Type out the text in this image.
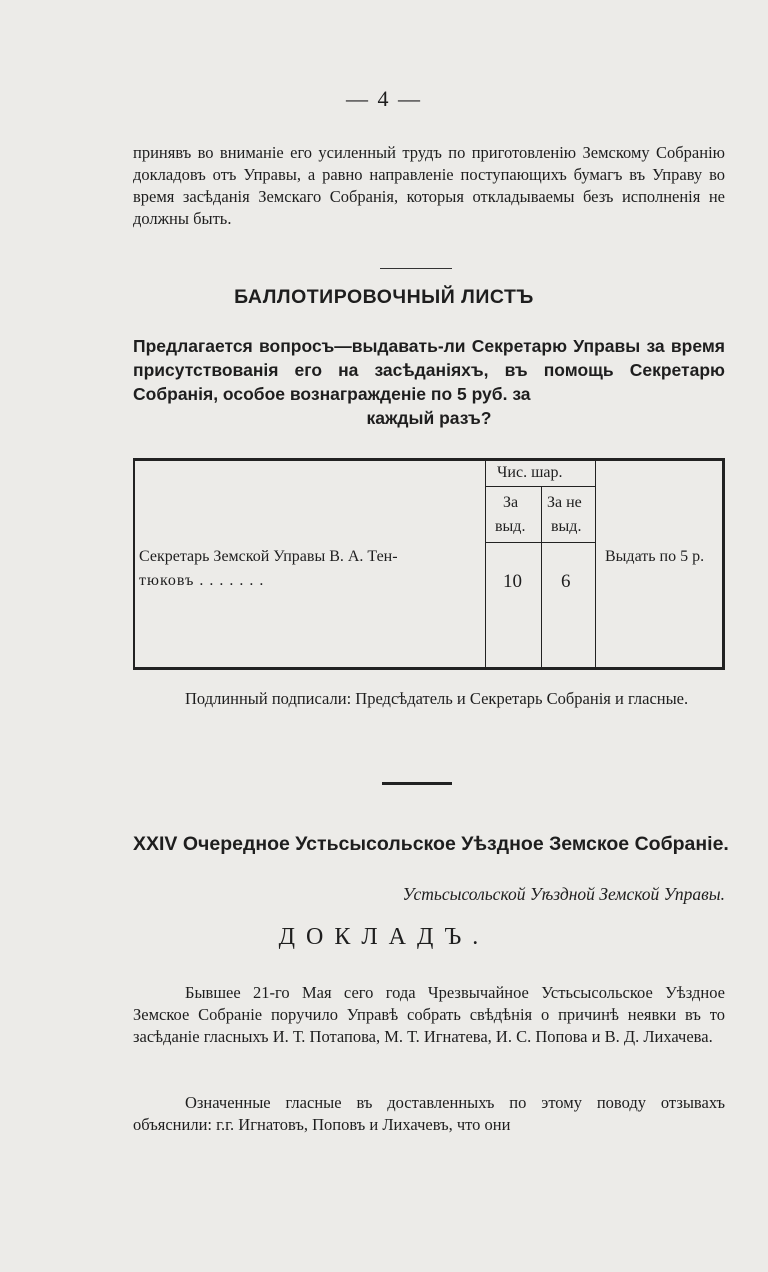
— 4 —
принявъ во вниманіе его усиленный трудъ по приготовленію Земскому Собранію докладовъ отъ Управы, а равно направленіе поступающихъ бумагъ въ Управу во время засѣданія Земскаго Собранія, которыя откладываемы безъ исполненія не должны быть.
БАЛЛОТИРОВОЧНЫЙ ЛИСТЪ
Предлагается вопросъ—выдавать-ли Секретарю Управы за время присутствованія его на засѣданіяхъ, въ помощь Секретарю Собранія, особое вознагражденіе по 5 руб. за
каждый разъ?
Чис. шар.
За
выд.
За не
выд.
Секретарь Земской Управы В. А. Тен-
тюковъ . . . . . . .	10 6
Выдать по 5 р.
Подлинный подписали: Предсѣдатель и Секретарь Собранія и гласные.
XXIV Очередное Устьсысольское Уѣздное Земское Собраніе.
Устьсысольской Уѣздной Земской Управы.
ДОКЛАДЪ.
Бывшее 21-го Мая сего года Чрезвычайное Устьсысольское Уѣздное Земское Собраніе поручило Управѣ собрать свѣдѣнія о причинѣ неявки въ то засѣданіе гласныхъ И. Т. Потапова, М. Т. Игнатева, И. С. Попова и В. Д. Лихачева.
Означенные гласные въ доставленныхъ по этому поводу отзывахъ объяснили: г.г. Игнатовъ, Поповъ и Лихачевъ, что они
